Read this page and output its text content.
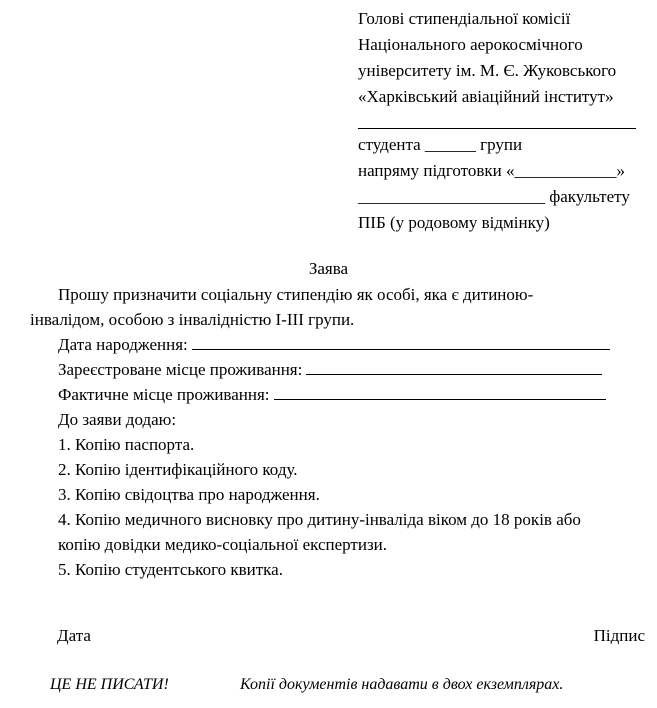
Голові стипендіальної комісії
Національного аерокосмічного
університету ім. М. Є. Жуковського
«Харківський авіаційний інститут»
студента ______ групи
напряму підготовки «____________»
______________________ факультету
ПІБ (у родовому відмінку)
Заява
Прошу призначити соціальну стипендію як особі, яка є дитиною-
інвалідом, особою з інвалідністю І-ІІІ групи.
Дата народження:
Зареєстроване місце проживання:
Фактичне місце проживання:
До заяви додаю:
1. Копію паспорта.
2. Копію ідентифікаційного коду.
3. Копію свідоцтва про народження.
4. Копію медичного висновку про дитину-інваліда віком до 18 років або
копію довідки медико-соціальної експертизи.
5. Копію студентського квитка.
Дата	Підпис
ЦЕ НЕ ПИСАТИ!	Копії документів надавати в двох екземплярах.
